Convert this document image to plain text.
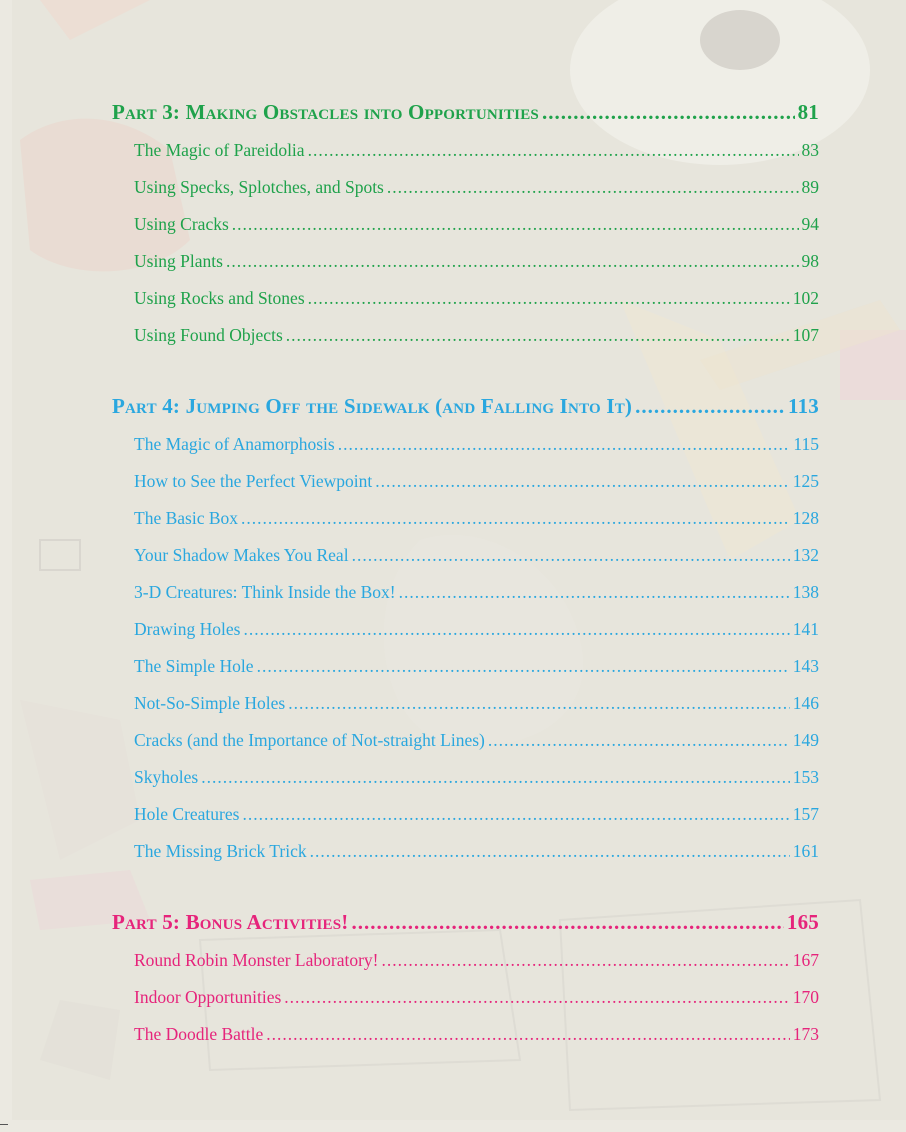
Part 3: Making Obstacles into Opportunities .....	81
The Magic of Pareidolia .....	83
Using Specks, Splotches, and Spots .....	89
Using Cracks .....	94
Using Plants .....	98
Using Rocks and Stones .....	102
Using Found Objects .....	107
Part 4: Jumping Off the Sidewalk (and Falling Into It) .....	113
The Magic of Anamorphosis .....	115
How to See the Perfect Viewpoint .....	125
The Basic Box .....	128
Your Shadow Makes You Real .....	132
3-D Creatures: Think Inside the Box! .....	138
Drawing Holes .....	141
The Simple Hole .....	143
Not-So-Simple Holes .....	146
Cracks (and the Importance of Not-straight Lines) .....	149
Skyholes .....	153
Hole Creatures .....	157
The Missing Brick Trick .....	161
Part 5: Bonus Activities! .....	165
Round Robin Monster Laboratory! .....	167
Indoor Opportunities .....	170
The Doodle Battle .....	173
